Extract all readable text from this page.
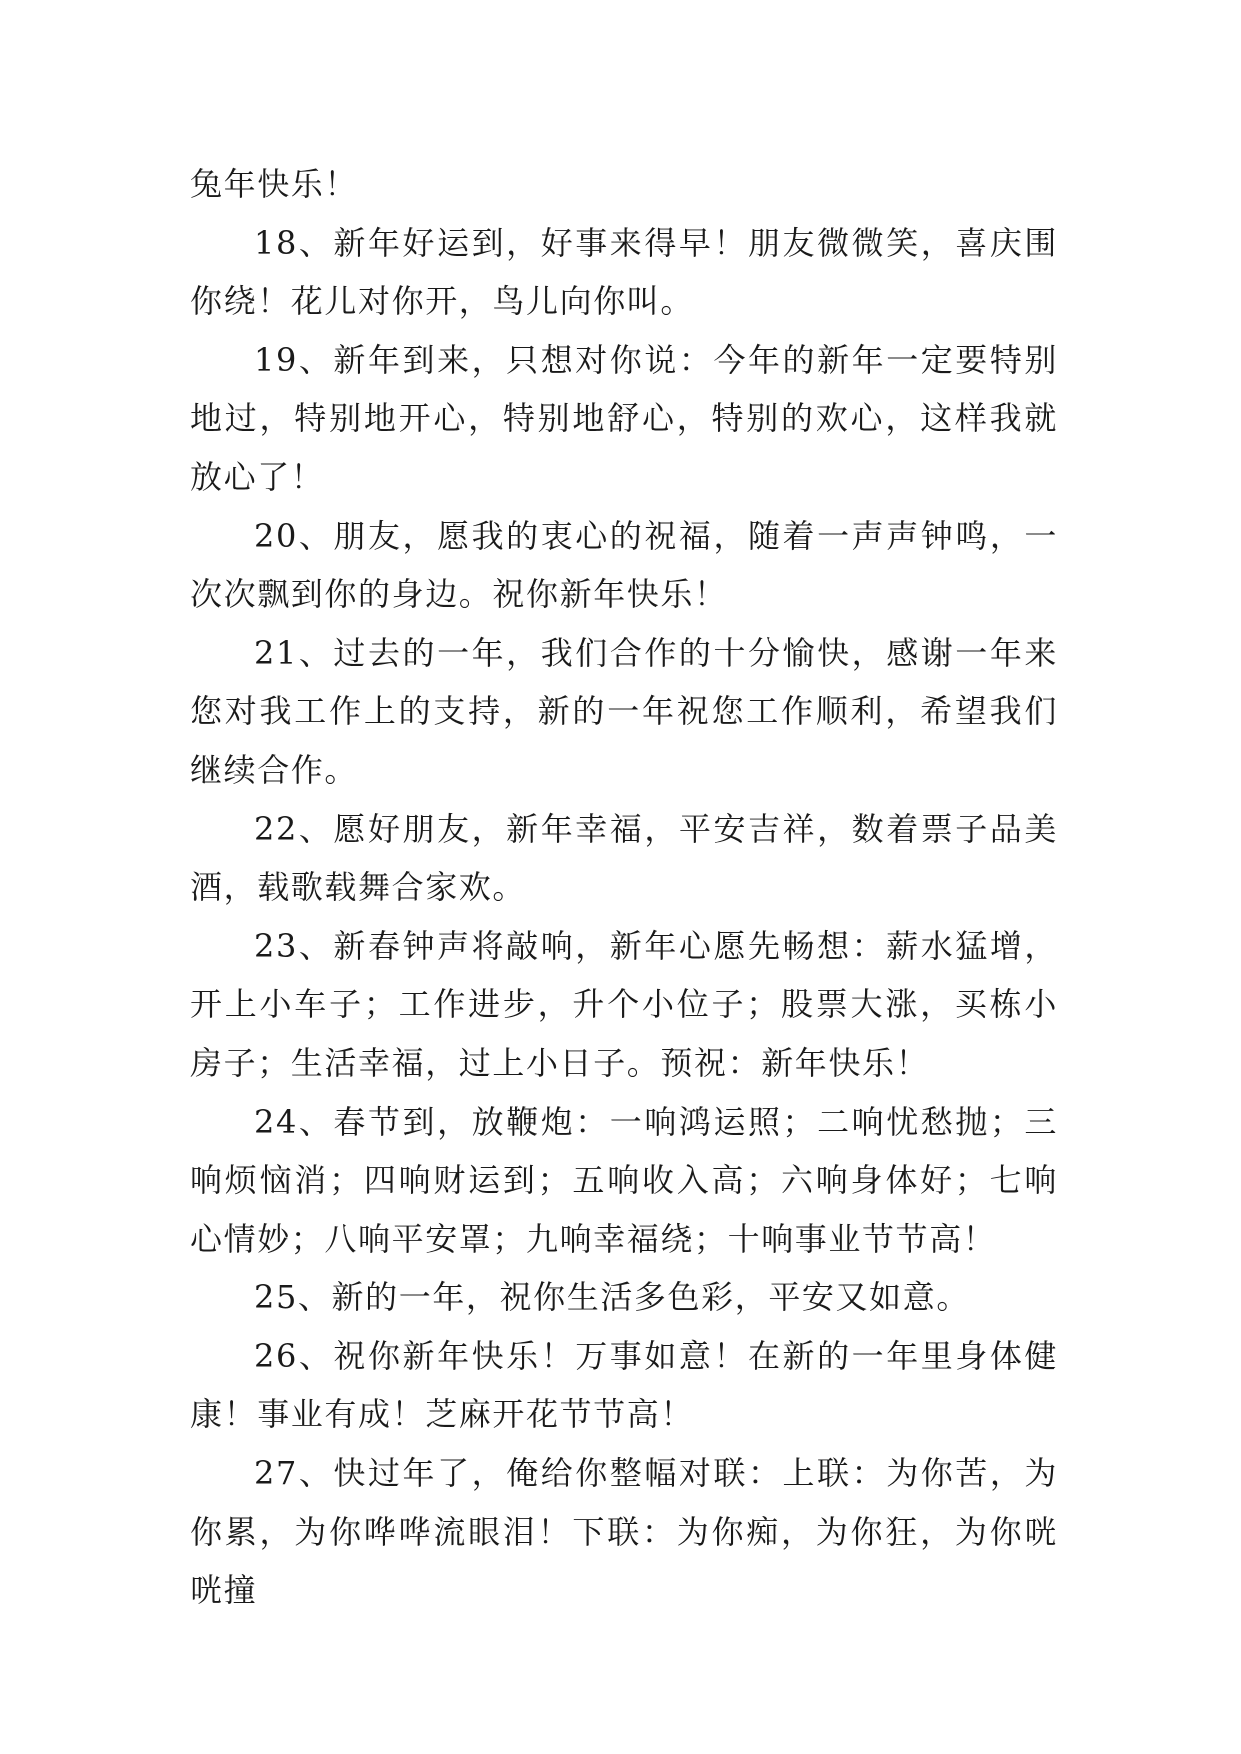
兔年快乐！

18、新年好运到，好事来得早！朋友微微笑，喜庆围你绕！花儿对你开，鸟儿向你叫。

19、新年到来，只想对你说：今年的新年一定要特别地过，特别地开心，特别地舒心，特别的欢心，这样我就放心了！

20、朋友，愿我的衷心的祝福，随着一声声钟鸣，一次次飘到你的身边。祝你新年快乐！

21、过去的一年，我们合作的十分愉快，感谢一年来您对我工作上的支持，新的一年祝您工作顺利，希望我们继续合作。

22、愿好朋友，新年幸福，平安吉祥，数着票子品美酒，载歌载舞合家欢。

23、新春钟声将敲响，新年心愿先畅想：薪水猛增，开上小车子；工作进步，升个小位子；股票大涨，买栋小房子；生活幸福，过上小日子。预祝：新年快乐！

24、春节到，放鞭炮：一响鸿运照；二响忧愁抛；三响烦恼消；四响财运到；五响收入高；六响身体好；七响心情妙；八响平安罩；九响幸福绕；十响事业节节高！

25、新的一年，祝你生活多色彩，平安又如意。

26、祝你新年快乐！万事如意！在新的一年里身体健康！事业有成！芝麻开花节节高！

27、快过年了，俺给你整幅对联：上联：为你苦，为你累，为你哗哗流眼泪！下联：为你痴，为你狂，为你咣咣撞
